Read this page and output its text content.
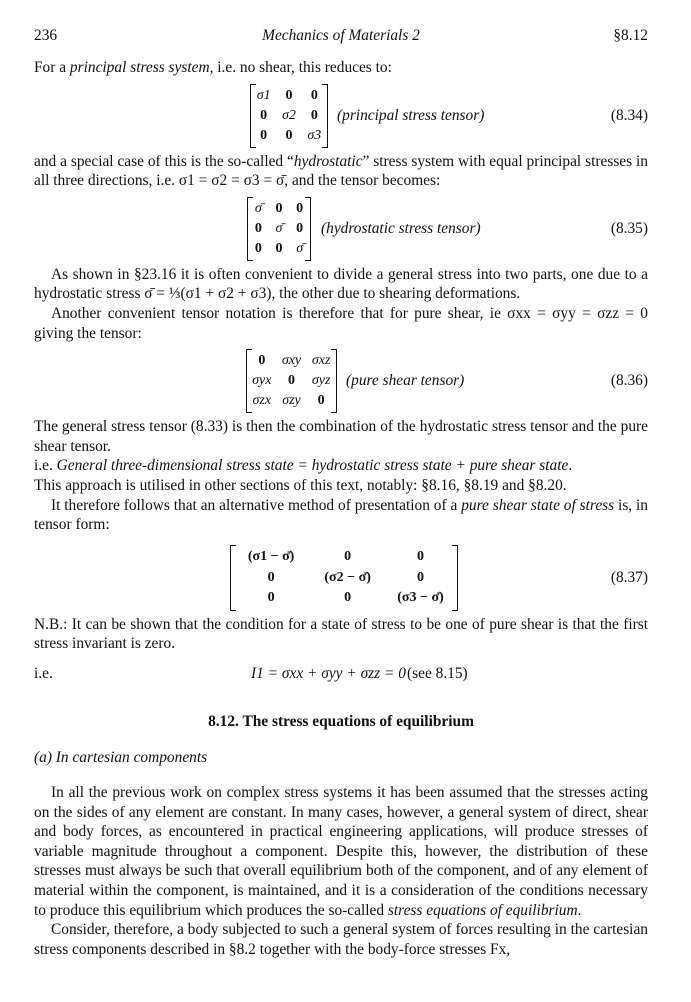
236	Mechanics of Materials 2	§8.12

For a principal stress system, i.e. no shear, this reduces to:

σ1 0 0
0 σ2 0
0 0 σ3
(principal stress tensor)	(8.34)

and a special case of this is the so-called “hydrostatic” stress system with equal principal stresses in all three directions, i.e. σ1 = σ2 = σ3 = σ̄, and the tensor becomes:

σ̄ 0 0
0 σ̄ 0
0 0 σ̄
(hydrostatic stress tensor)	(8.35)

As shown in §23.16 it is often convenient to divide a general stress into two parts, one due to a hydrostatic stress σ̄ = ⅓(σ1 + σ2 + σ3), the other due to shearing deformations.

Another convenient tensor notation is therefore that for pure shear, ie σxx = σyy = σzz = 0 giving the tensor:

0 σxy σxz
σyx 0 σyz
σzx σzy 0
(pure shear tensor)	(8.36)

The general stress tensor (8.33) is then the combination of the hydrostatic stress tensor and the pure shear tensor.

i.e. General three-dimensional stress state = hydrostatic stress state + pure shear state.

This approach is utilised in other sections of this text, notably: §8.16, §8.19 and §8.20.

It therefore follows that an alternative method of presentation of a pure shear state of stress is, in tensor form:

(σ1 − σ̄)	0	0
0	(σ2 − σ̄)	0
0	0	(σ3 − σ̄)
(8.37)

N.B.: It can be shown that the condition for a state of stress to be one of pure shear is that the first stress invariant is zero.

i.e.	I1 = σxx + σyy + σzz = 0 (see 8.15)
8.12. The stress equations of equilibrium
(a) In cartesian components

In all the previous work on complex stress systems it has been assumed that the stresses acting on the sides of any element are constant. In many cases, however, a general system of direct, shear and body forces, as encountered in practical engineering applications, will produce stresses of variable magnitude throughout a component. Despite this, however, the distribution of these stresses must always be such that overall equilibrium both of the component, and of any element of material within the component, is maintained, and it is a consideration of the conditions necessary to produce this equilibrium which produces the so-called stress equations of equilibrium.

Consider, therefore, a body subjected to such a general system of forces resulting in the cartesian stress components described in §8.2 together with the body-force stresses Fx,
